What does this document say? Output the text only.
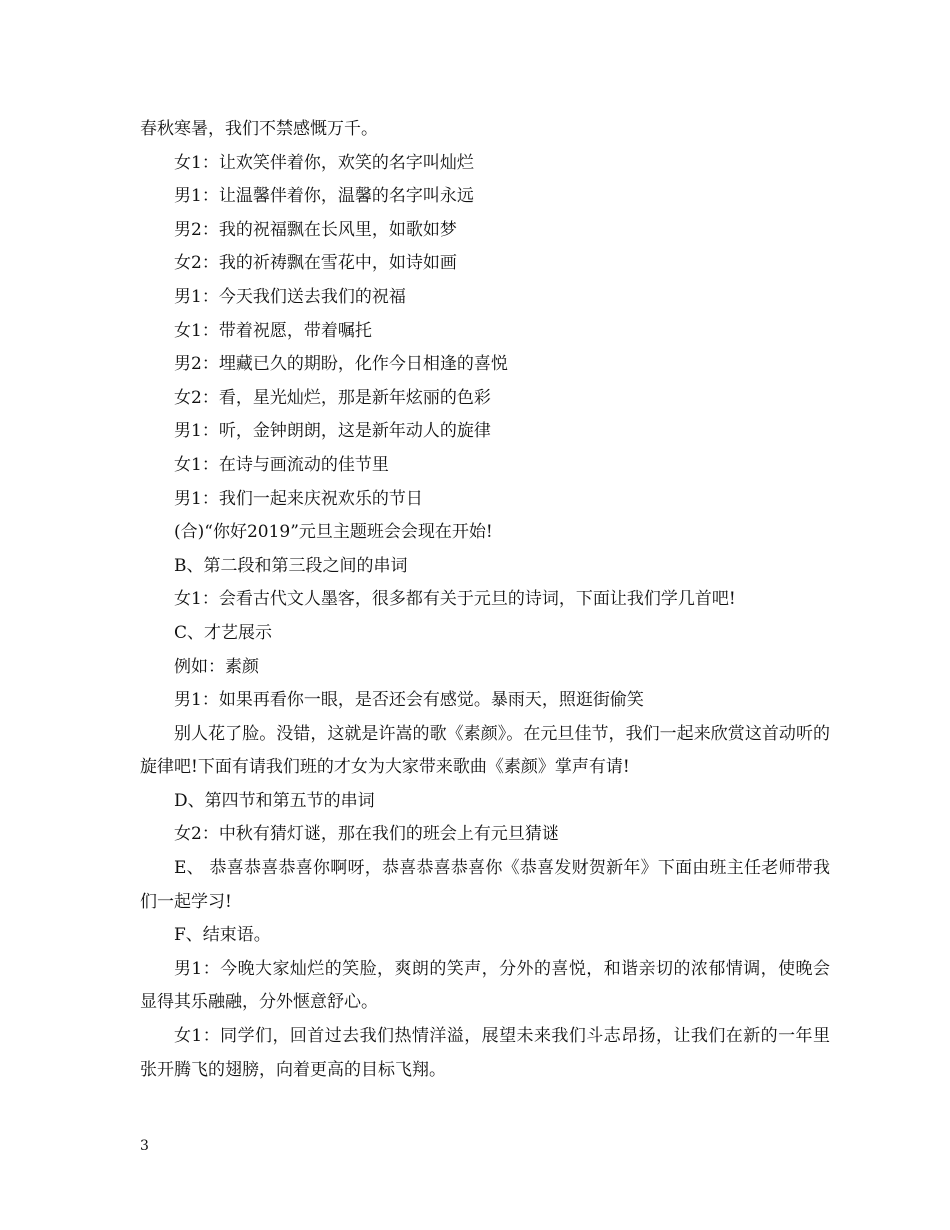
春秋寒暑，我们不禁感慨万千。

女1：让欢笑伴着你，欢笑的名字叫灿烂

男1：让温馨伴着你，温馨的名字叫永远

男2：我的祝福飘在长风里，如歌如梦

女2：我的祈祷飘在雪花中，如诗如画

男1：今天我们送去我们的祝福

女1：带着祝愿，带着嘱托

男2：埋藏已久的期盼，化作今日相逢的喜悦

女2：看，星光灿烂，那是新年炫丽的色彩

男1：听，金钟朗朗，这是新年动人的旋律

女1：在诗与画流动的佳节里

男1：我们一起来庆祝欢乐的节日

(合)“你好2019”元旦主题班会会现在开始!

B、第二段和第三段之间的串词

女1：会看古代文人墨客，很多都有关于元旦的诗词，下面让我们学几首吧!

C、才艺展示

例如：素颜

男1：如果再看你一眼，是否还会有感觉。暴雨天，照逛街偷笑

别人花了脸。没错，这就是许嵩的歌《素颜》。在元旦佳节，我们一起来欣赏这首动听的旋律吧!下面有请我们班的才女为大家带来歌曲《素颜》掌声有请!

D、第四节和第五节的串词

女2：中秋有猜灯谜，那在我们的班会上有元旦猜谜

E、 恭喜恭喜恭喜你啊呀，恭喜恭喜恭喜你《恭喜发财贺新年》下面由班主任老师带我们一起学习!

F、结束语。

男1：今晚大家灿烂的笑脸，爽朗的笑声，分外的喜悦，和谐亲切的浓郁情调，使晚会显得其乐融融，分外惬意舒心。

女1：同学们，回首过去我们热情洋溢，展望未来我们斗志昂扬，让我们在新的一年里张开腾飞的翅膀，向着更高的目标飞翔。

3
